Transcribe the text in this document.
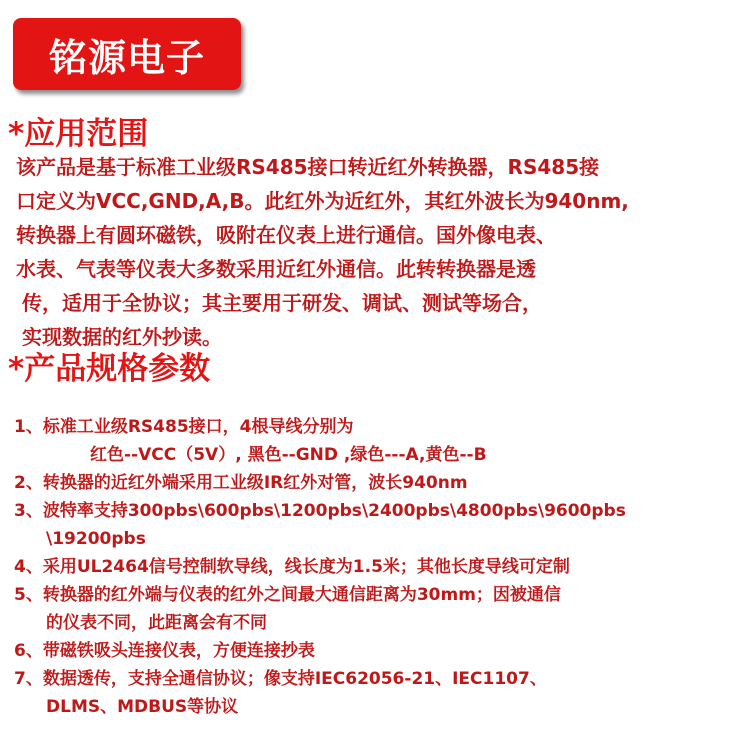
铭源电子
*应用范围

该产品是基于标准工业级RS485接口转近红外转换器，RS485接
口定义为VCC,GND,A,B。此红外为近红外，其红外波长为940nm,
转换器上有圆环磁铁，吸附在仪表上进行通信。国外像电表、
水表、气表等仪表大多数采用近红外通信。此转转换器是透
传，适用于全协议；其主要用于研发、调试、测试等场合，
实现数据的红外抄读。

*产品规格参数

1、标准工业级RS485接口，4根导线分别为
红色--VCC（5V）, 黑色--GND ,绿色---A,黄色--B
2、转换器的近红外端采用工业级IR红外对管，波长940nm
3、波特率支持300pbs\600pbs\1200pbs\2400pbs\4800pbs\9600pbs
\19200pbs
4、采用UL2464信号控制软导线，线长度为1.5米；其他长度导线可定制
5、转换器的红外端与仪表的红外之间最大通信距离为30mm；因被通信
的仪表不同，此距离会有不同
6、带磁铁吸头连接仪表，方便连接抄表
7、数据透传，支持全通信协议；像支持IEC62056-21、IEC1107、
DLMS、MDBUS等协议
